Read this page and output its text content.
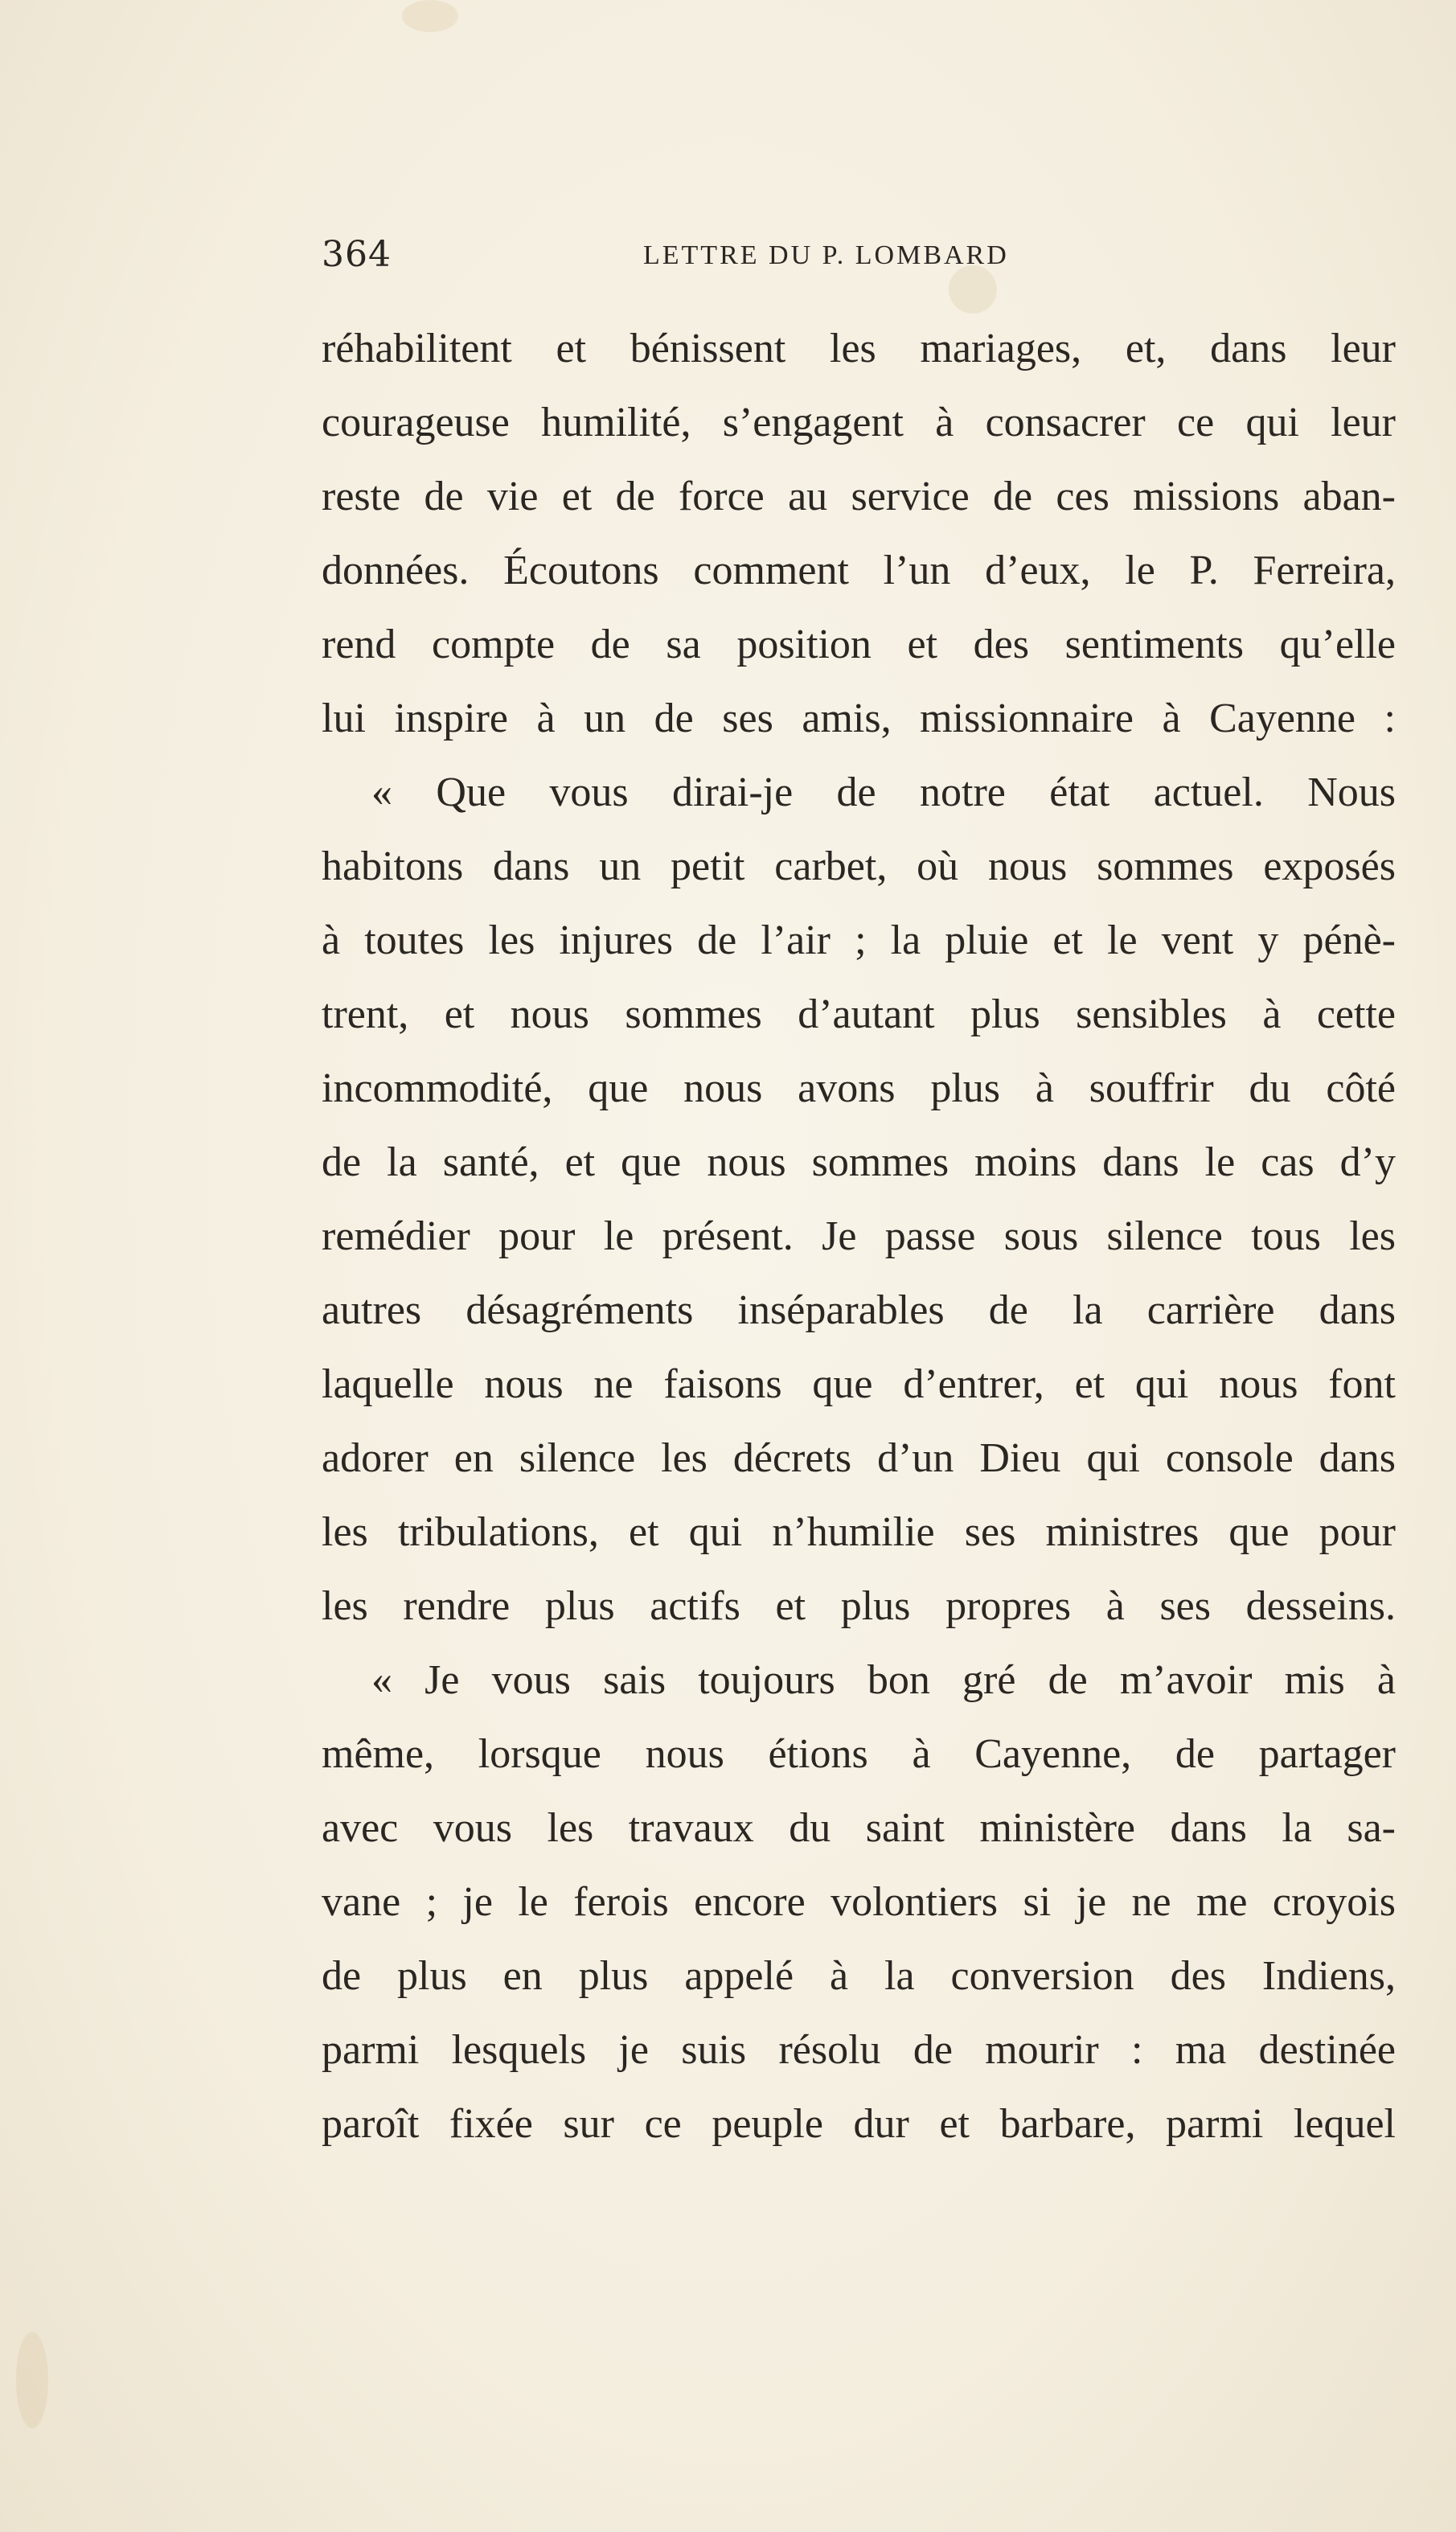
364	LETTRE DU P. LOMBARD
réhabilitent et bénissent les mariages, et, dans leur
courageuse humilité, s’engagent à consacrer ce qui leur
reste de vie et de force au service de ces missions aban-
données. Écoutons comment l’un d’eux, le P. Ferreira,
rend compte de sa position et des sentiments qu’elle
lui inspire à un de ses amis, missionnaire à Cayenne :
« Que vous dirai-je de notre état actuel. Nous
habitons dans un petit carbet, où nous sommes exposés
à toutes les injures de l’air ; la pluie et le vent y pénè-
trent, et nous sommes d’autant plus sensibles à cette
incommodité, que nous avons plus à souffrir du côté
de la santé, et que nous sommes moins dans le cas d’y
remédier pour le présent. Je passe sous silence tous les
autres désagréments inséparables de la carrière dans
laquelle nous ne faisons que d’entrer, et qui nous font
adorer en silence les décrets d’un Dieu qui console dans
les tribulations, et qui n’humilie ses ministres que pour
les rendre plus actifs et plus propres à ses desseins.
« Je vous sais toujours bon gré de m’avoir mis à
même, lorsque nous étions à Cayenne, de partager
avec vous les travaux du saint ministère dans la sa-
vane ; je le ferois encore volontiers si je ne me croyois
de plus en plus appelé à la conversion des Indiens,
parmi lesquels je suis résolu de mourir : ma destinée
paroît fixée sur ce peuple dur et barbare, parmi lequel
